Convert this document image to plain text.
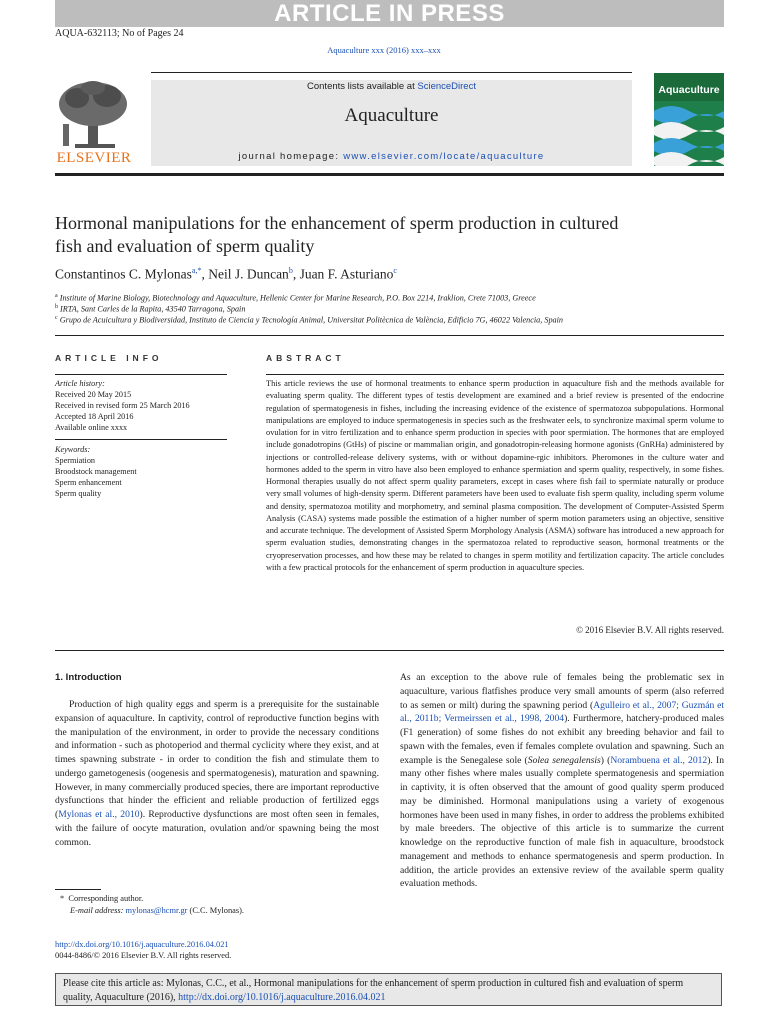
ARTICLE IN PRESS
AQUA-632113; No of Pages 24
Aquaculture xxx (2016) xxx–xxx
ELSEVIER
Contents lists available at ScienceDirect
Aquaculture
journal homepage: www.elsevier.com/locate/aquaculture
Aquaculture
Hormonal manipulations for the enhancement of sperm production in cultured fish and evaluation of sperm quality
Constantinos C. Mylonas$^{a,*}$, Neil J. Duncan$^b$, Juan F. Asturiano$^c$
$^a$ Institute of Marine Biology, Biotechnology and Aquaculture, Hellenic Center for Marine Research, P.O. Box 2214, Iraklion, Crete 71003, Greece
$^b$ IRTA, Sant Carles de la Rapita, 43540 Tarragona, Spain
$^c$ Grupo de Acuicultura y Biodiversidad, Instituto de Ciencia y Tecnología Animal, Universitat Politècnica de València, Edificio 7G, 46022 Valencia, Spain
ARTICLE INFO
Article history:
Received 20 May 2015
Received in revised form 25 March 2016
Accepted 18 April 2016
Available online xxxx
Keywords:
Spermiation
Broodstock management
Sperm enhancement
Sperm quality
ABSTRACT
This article reviews the use of hormonal treatments to enhance sperm production in aquaculture fish and the methods available for evaluating sperm quality. The different types of testis development are examined and a brief review is presented of the endocrine regulation of spermatogenesis in fishes, including the increasing evidence of the existence of spermatozoa subpopulations. Hormonal manipulations are employed to induce spermatogenesis in species such as the freshwater eels, to synchronize maximal sperm volume to ovulation for in vitro fertilization and to enhance sperm production in species with poor spermiation. The hormones that are employed include gonadotropins (GtHs) of piscine or mammalian origin, and gonadotropin-releasing hormone agonists (GnRHa) administered by injections or controlled-release delivery systems, with or without dopamine-rgic inhibitors. Pheromones in the culture water and hormones added to the sperm in vitro have also been employed to enhance spermiation and sperm quality, respectively, in some fishes. Hormonal therapies usually do not affect sperm quality parameters, except in cases where fish fail to spermiate naturally or produce very small volumes of high-density sperm. Different parameters have been used to evaluate fish sperm quality, including sperm volume and density, spermatozoa motility and morphometry, and seminal plasma composition. The development of Computer-Assisted Sperm Analysis (CASA) systems made possible the estimation of a higher number of sperm motion parameters using an objective, sensitive and accurate technique. The development of Assisted Sperm Morphology Analysis (ASMA) software has introduced a new approach for sperm evaluation studies, demonstrating changes in the spermatozoa related to reproductive season, hormonal treatments or the cryopreservation processes, and how these may be related to changes in sperm motility and fertilization capacity. The article concludes with a few practical protocols for the enhancement of sperm production in aquaculture species.
© 2016 Elsevier B.V. All rights reserved.
1. Introduction

Production of high quality eggs and sperm is a prerequisite for the sustainable expansion of aquaculture. In captivity, control of reproductive function begins with the manipulation of the environment, in order to provide the necessary conditions and information - such as photoperiod and thermal cyclicity where they exist, and at times spawning substrate - in order to condition the fish and stimulate them to undergo gametogenesis (oogenesis and spermatogenesis), maturation and spawning. However, in many commercially produced species, there are important reproductive dysfunctions that hinder the efficient and reliable production of fertilized eggs (Mylonas et al., 2010). Reproductive dysfunctions are most often seen in females, with the failure of oocyte maturation, ovulation and/or spawning being the most common.

As an exception to the above rule of females being the problematic sex in aquaculture, various flatfishes produce very small amounts of sperm (also referred to as semen or milt) during the spawning period (Agulleiro et al., 2007; Guzmán et al., 2011b; Vermeirssen et al., 1998, 2004). Furthermore, hatchery-produced males (F1 generation) of some fishes do not exhibit any breeding behavior and fail to spawn with the females, even if females complete ovulation and spawning. Such an example is the Senegalese sole (Solea senegalensis) (Norambuena et al., 2012). In many other fishes where males usually complete spermatogenesis and spermiation in captivity, it is often observed that the amount of good quality sperm produced may be diminished. Hormonal manipulations using a variety of exogenous hormones have been used in many fishes, in order to address the problems exhibited by male breeders. The objective of this article is to summarize the current knowledge on the reproductive function of male fish in aquaculture, broodstock management and methods to enhance spermatogenesis and sperm production. In addition, the article provides an extensive review of the available sperm quality evaluation methods.

*  Corresponding author.
E-mail address: mylonas@hcmr.gr (C.C. Mylonas).
http://dx.doi.org/10.1016/j.aquaculture.2016.04.021
0044-8486/© 2016 Elsevier B.V. All rights reserved.
Please cite this article as: Mylonas, C.C., et al., Hormonal manipulations for the enhancement of sperm production in cultured fish and evaluation of sperm quality, Aquaculture (2016), http://dx.doi.org/10.1016/j.aquaculture.2016.04.021
